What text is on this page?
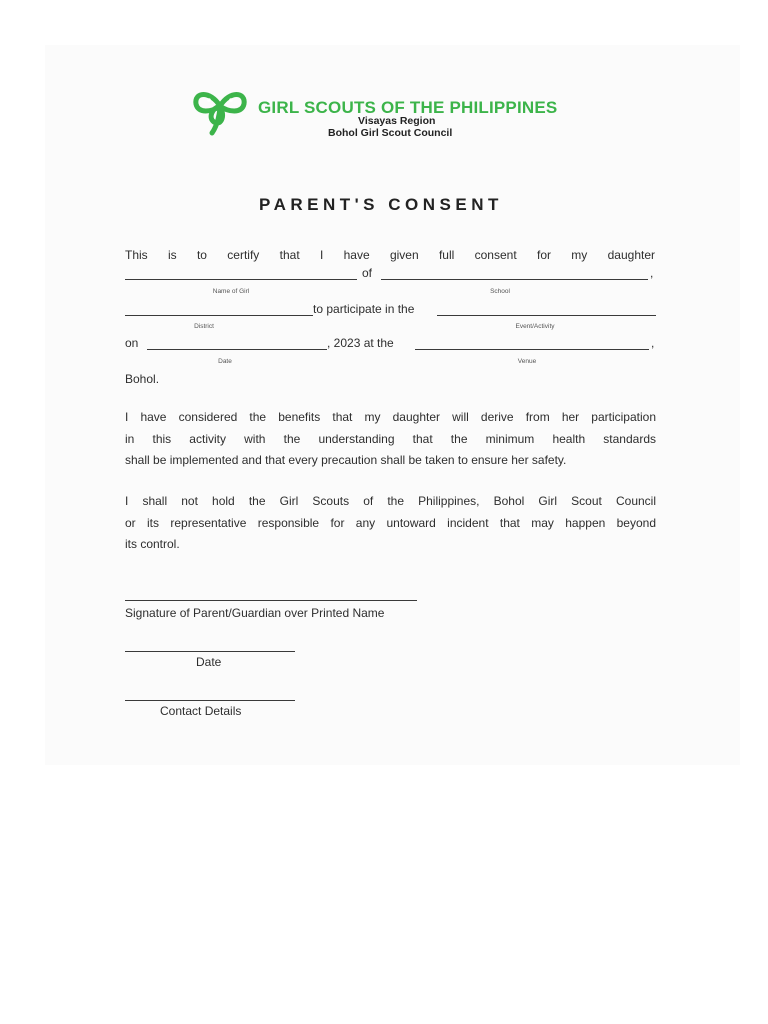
GIRL SCOUTS OF THE PHILIPPINES
Visayas Region
Bohol Girl Scout Council
PARENT'S CONSENT
This is to certify that I have given full consent for my daughter
of	,
Name of Girl	School
to participate in the
District	Event/Activity
on	, 2023 at the	,
Date	Venue
Bohol.
I have considered the benefits that my daughter will derive from her participation
in this activity with the understanding that the minimum health standards
shall be implemented and that every precaution shall be taken to ensure her safety.
I shall not hold the Girl Scouts of the Philippines, Bohol Girl Scout Council
or its representative responsible for any untoward incident that may happen beyond
its control.
Signature of Parent/Guardian over Printed Name
Date
Contact Details
